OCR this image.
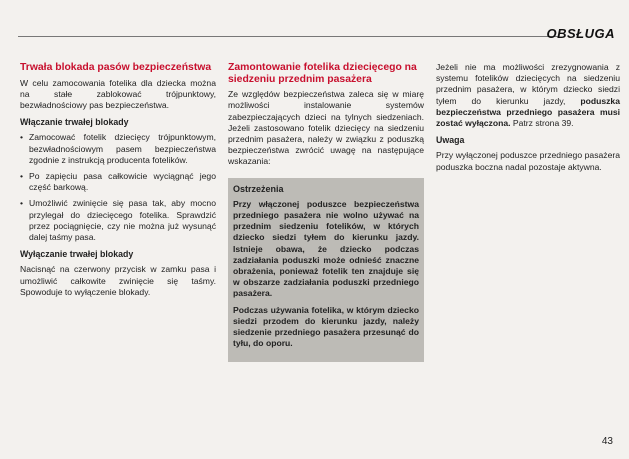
OBSŁUGA
Trwała blokada pasów bezpieczeństwa

W celu zamocowania fotelika dla dziecka można na stałe zablokować trójpunktowy, bezwładnościowy pas bezpieczeństwa.

Włączanie trwałej blokady
• Zamocować fotelik dziecięcy trójpunktowym, bezwładnościowym pasem bezpieczeństwa zgodnie z instrukcją producenta fotelików.
• Po zapięciu pasa całkowicie wyciągnąć jego część barkową.
• Umożliwić zwinięcie się pasa tak, aby mocno przylegał do dziecięcego fotelika. Sprawdzić przez pociągnięcie, czy nie można już wysunąć dalej taśmy pasa.
Wyłączanie trwałej blokady

Nacisnąć na czerwony przycisk w zamku pasa i umożliwić całkowite zwinięcie się taśmy. Spowoduje to wyłączenie blokady.

Zamontowanie fotelika dziecięcego na siedzeniu przednim pasażera

Ze względów bezpieczeństwa zaleca się w miarę możliwości instalowanie systemów zabezpieczających dzieci na tylnych siedzeniach. Jeżeli zastosowano fotelik dziecięcy na siedzeniu przednim pasażera, należy w związku z poduszką bezpieczeństwa zwrócić uwagę na następujące wskazania:

Ostrzeżenia

Przy włączonej poduszce bezpieczeństwa przedniego pasażera nie wolno używać na przednim siedzeniu fotelików, w których dziecko siedzi tyłem do kierunku jazdy. Istnieje obawa, że dziecko podczas zadziałania poduszki może odnieść znaczne obrażenia, ponieważ fotelik ten znajduje się w obszarze zadziałania poduszki przedniego pasażera.

Podczas używania fotelika, w którym dziecko siedzi przodem do kierunku jazdy, należy siedzenie przedniego pasażera przesunąć do tyłu, do oporu.

Jeżeli nie ma możliwości zrezygnowania z systemu fotelików dziecięcych na siedzeniu przednim pasażera, w którym dziecko siedzi tyłem do kierunku jazdy, poduszka bezpieczeństwa przedniego pasażera musi zostać wyłączona. Patrz strona 39.

Uwaga

Przy wyłączonej poduszce przedniego pasażera poduszka boczna nadal pozostaje aktywna.

43
